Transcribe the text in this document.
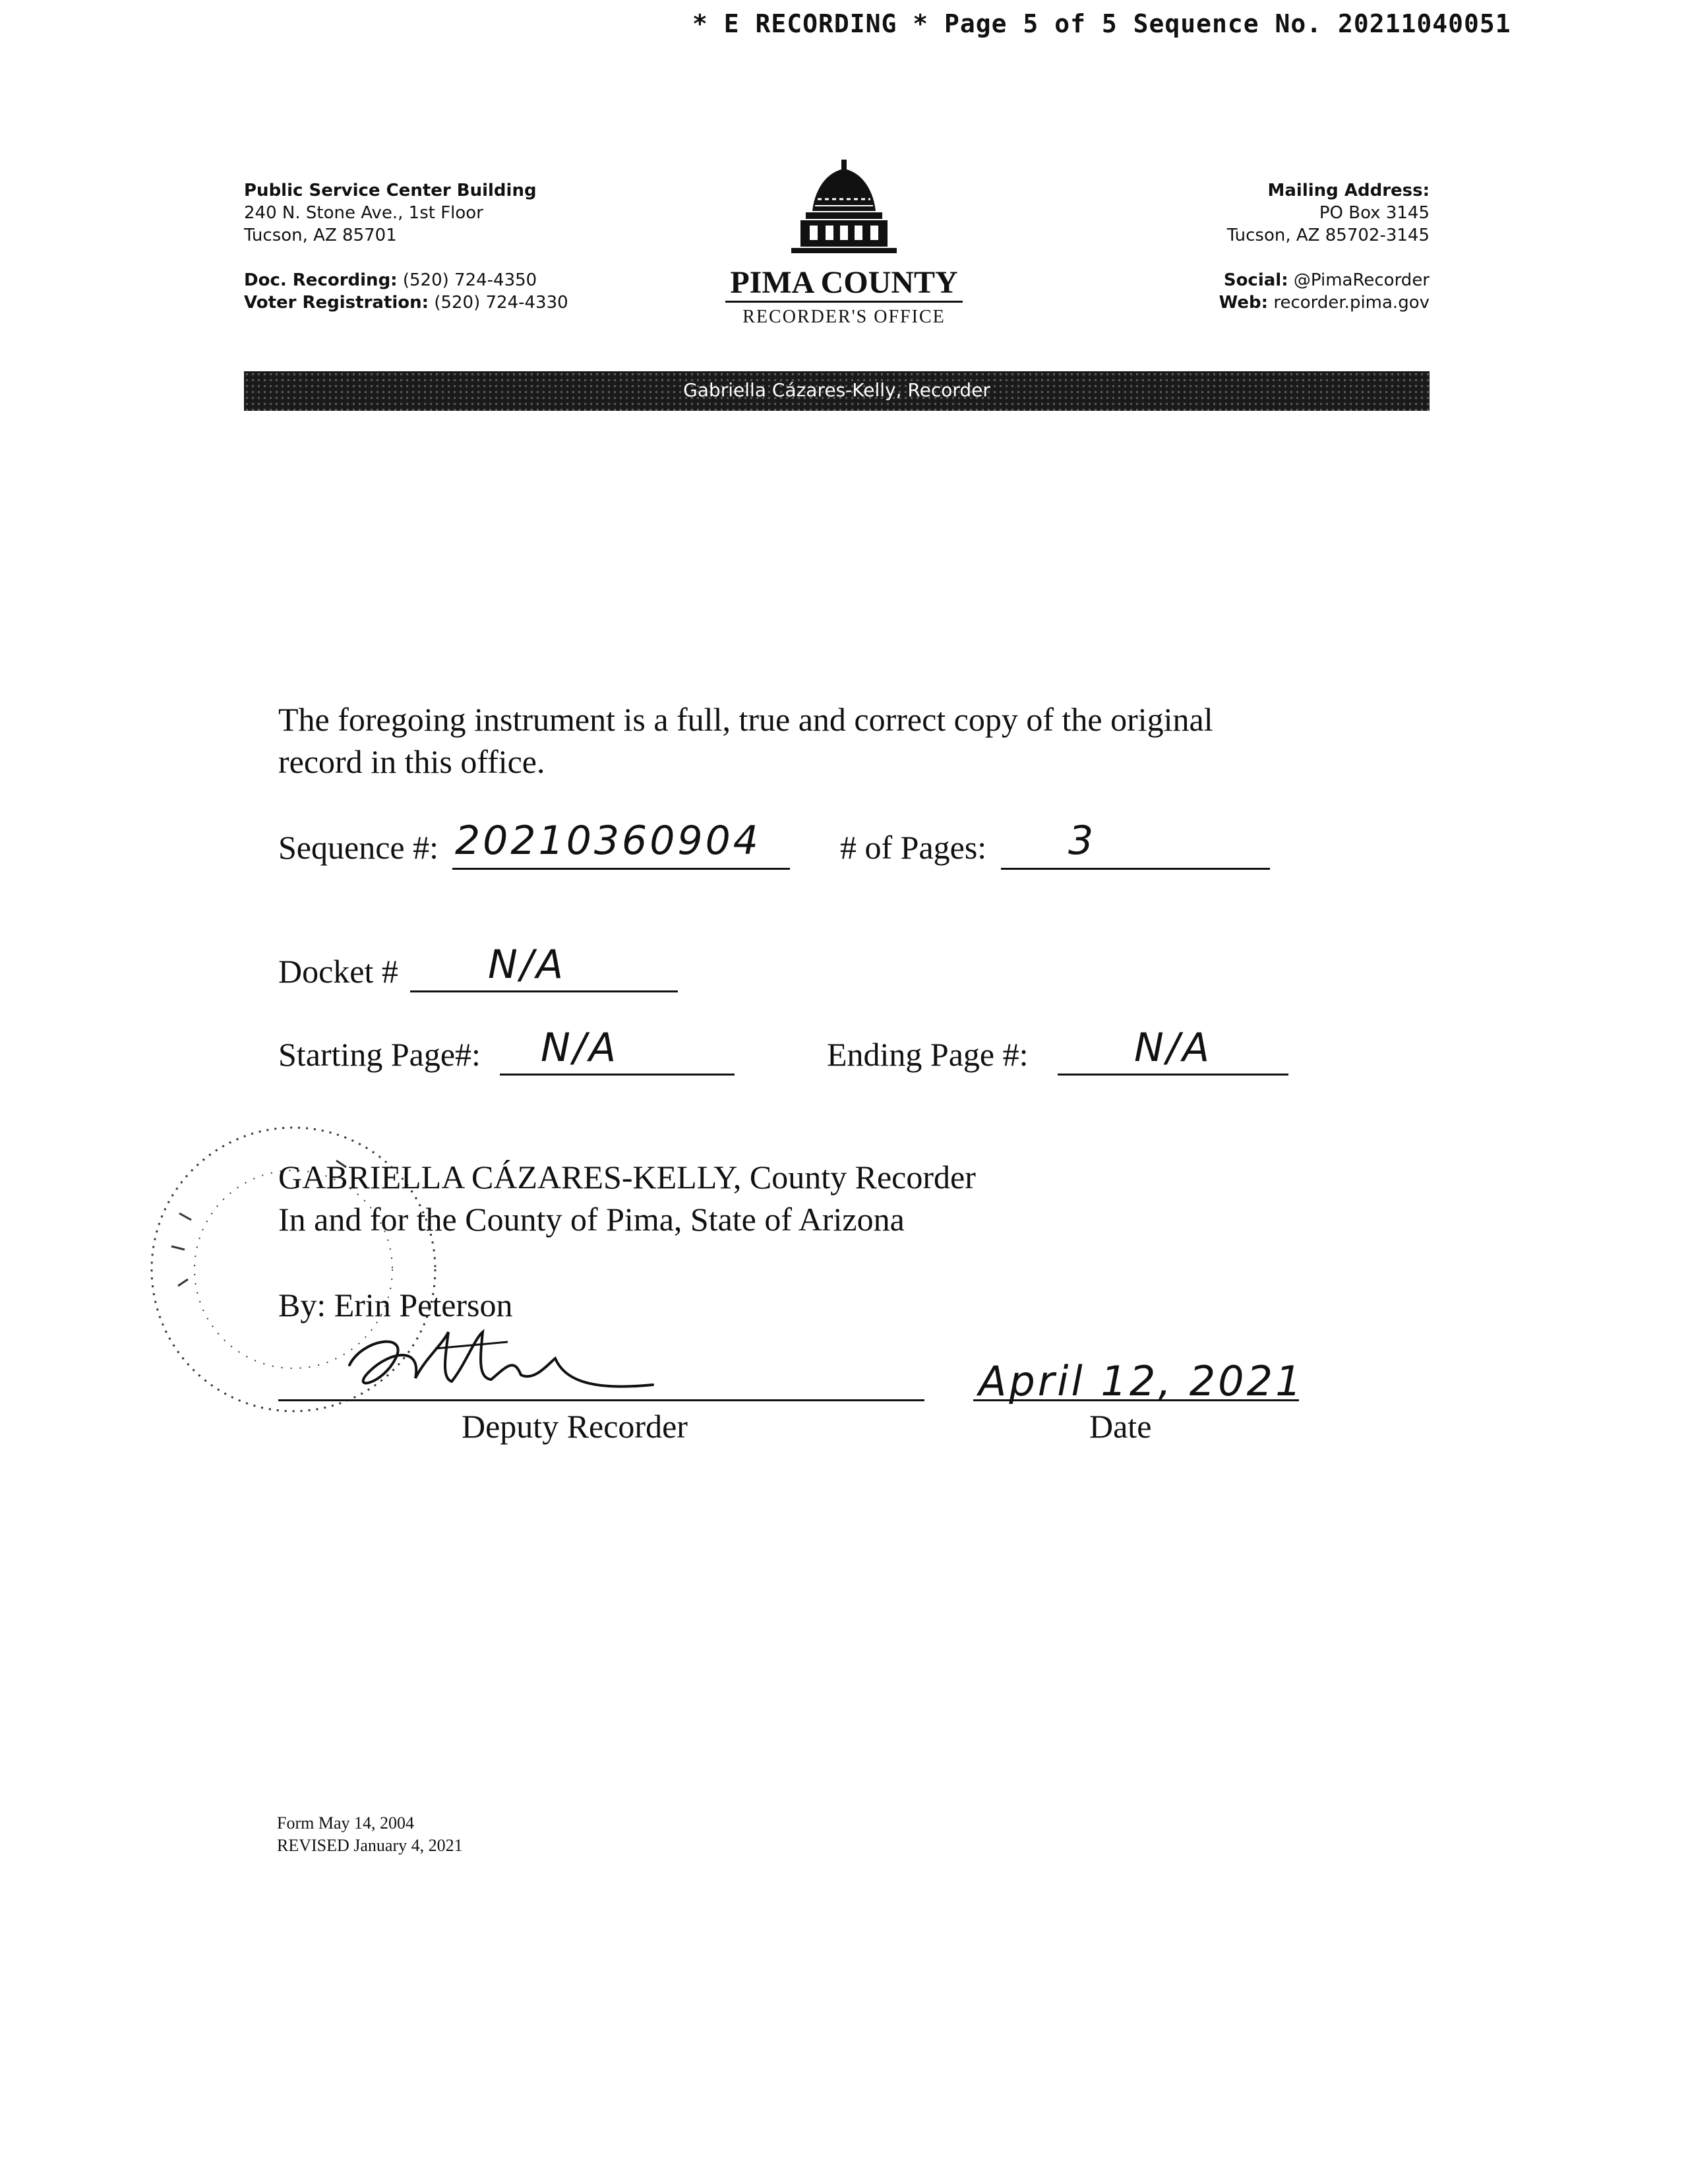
* E RECORDING * Page 5 of 5 Sequence No. 20211040051
Public Service Center Building
240 N. Stone Ave., 1st Floor
Tucson, AZ 85701
Doc. Recording: (520) 724-4350
Voter Registration: (520) 724-4330
PIMA COUNTY
RECORDER'S OFFICE
Mailing Address:
PO Box 3145
Tucson, AZ 85702-3145
Social: @PimaRecorder
Web: recorder.pima.gov
Gabriella Cázares-Kelly, Recorder
The foregoing instrument is a full, true and correct copy of the original
record in this office.
Sequence #: 20210360904 # of Pages: 3
Docket # N/A
Starting Page#: N/A	Ending Page #:	N/A
GABRIELLA CÁZARES-KELLY, County Recorder
In and for the County of Pima, State of Arizona
By: Erin Peterson
Deputy Recorder
April 12, 2021
Date
Form May 14, 2004
REVISED January 4, 2021
